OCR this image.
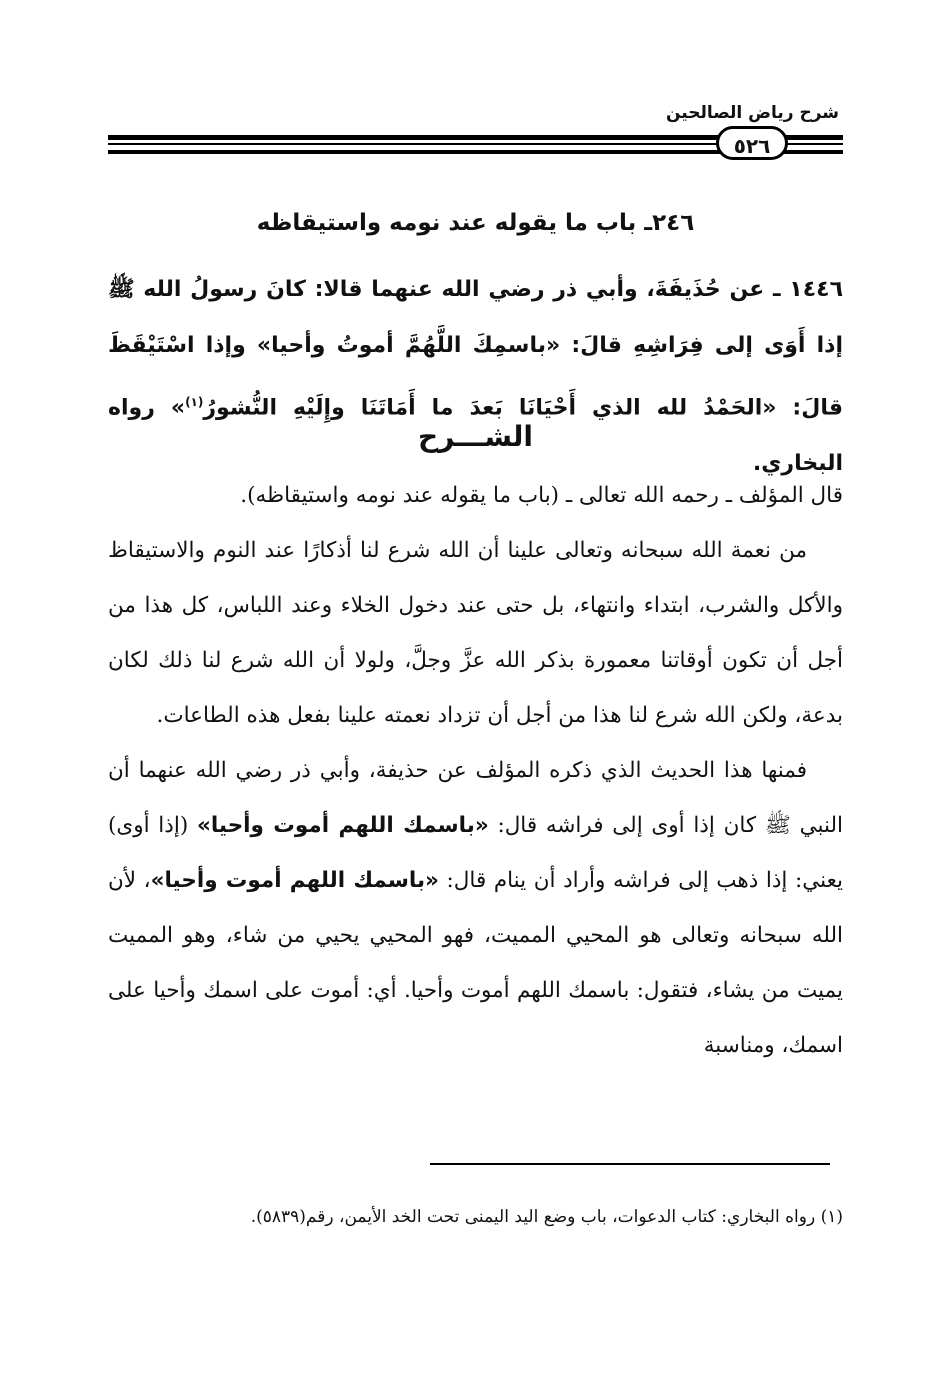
شرح رياض الصالحين
٥٢٦
٢٤٦ـ باب ما يقوله عند نومه واستيقاظه
١٤٤٦ ـ عن حُذَيفَةَ، وأبي ذر رضي الله عنهما قالا: كانَ رسولُ الله ﷺ إذا أَوَى إلى فِرَاشِهِ قالَ: «باسمِكَ اللَّهُمَّ أموتُ وأحيا» وإذا اسْتَيْقَظَ قالَ: «الحَمْدُ لله الذي أَحْيَانَا بَعدَ ما أَمَاتَنَا وإِلَيْهِ النُّشورُ$^{(١)}$» رواه البخاري.
الشـــرح

قال المؤلف ـ رحمه الله تعالى ـ (باب ما يقوله عند نومه واستيقاظه).

من نعمة الله سبحانه وتعالى علينا أن الله شرع لنا أذكارًا عند النوم والاستيقاظ والأكل والشرب، ابتداء وانتهاء، بل حتى عند دخول الخلاء وعند اللباس، كل هذا من أجل أن تكون أوقاتنا معمورة بذكر الله عزَّ وجلَّ، ولولا أن الله شرع لنا ذلك لكان بدعة، ولكن الله شرع لنا هذا من أجل أن تزداد نعمته علينا بفعل هذه الطاعات.

فمنها هذا الحديث الذي ذكره المؤلف عن حذيفة، وأبي ذر رضي الله عنهما أن النبي ﷺ كان إذا أوى إلى فراشه قال: «باسمك اللهم أموت وأحيا» (إذا أوى) يعني: إذا ذهب إلى فراشه وأراد أن ينام قال: «باسمك اللهم أموت وأحيا»، لأن الله سبحانه وتعالى هو المحيي المميت، فهو المحيي يحيي من شاء، وهو المميت يميت من يشاء، فتقول: باسمك اللهم أموت وأحيا. أي: أموت على اسمك وأحيا على اسمك، ومناسبة

(١) رواه البخاري: كتاب الدعوات، باب وضع اليد اليمنى تحت الخد الأيمن، رقم(٥٨٣٩).
